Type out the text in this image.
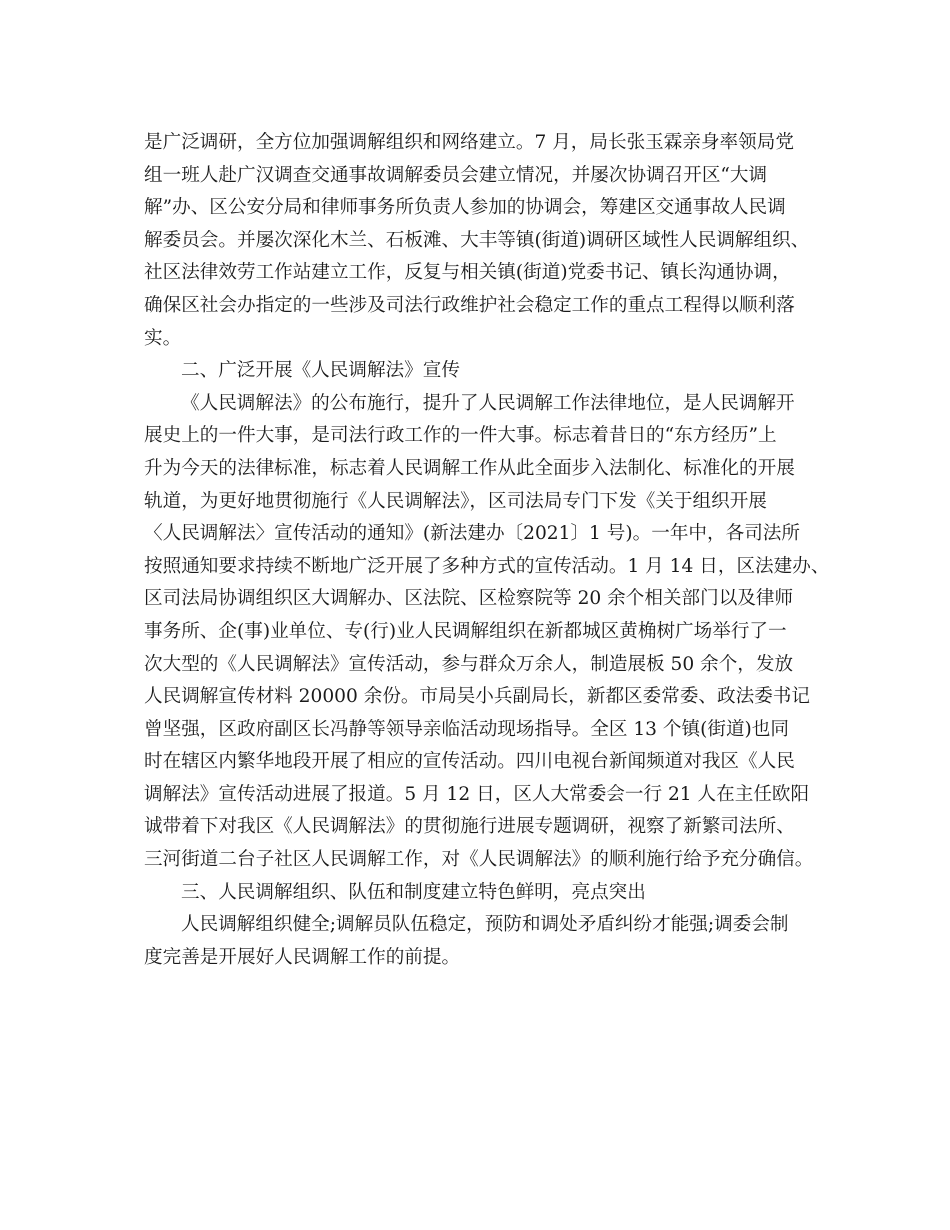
是广泛调研，全方位加强调解组织和网络建立。7 月，局长张玉霖亲身率领局党
组一班人赴广汉调查交通事故调解委员会建立情况，并屡次协调召开区“大调
解”办、区公安分局和律师事务所负责人参加的协调会，筹建区交通事故人民调
解委员会。并屡次深化木兰、石板滩、大丰等镇(街道)调研区域性人民调解组织、
社区法律效劳工作站建立工作，反复与相关镇(街道)党委书记、镇长沟通协调，
确保区社会办指定的一些涉及司法行政维护社会稳定工作的重点工程得以顺利落
实。
二、广泛开展《人民调解法》宣传
《人民调解法》的公布施行，提升了人民调解工作法律地位，是人民调解开
展史上的一件大事，是司法行政工作的一件大事。标志着昔日的“东方经历”上
升为今天的法律标准，标志着人民调解工作从此全面步入法制化、标准化的开展
轨道，为更好地贯彻施行《人民调解法》，区司法局专门下发《关于组织开展
〈人民调解法〉宣传活动的通知》(新法建办〔2021〕1 号)。一年中，各司法所
按照通知要求持续不断地广泛开展了多种方式的宣传活动。1 月 14 日，区法建办、
区司法局协调组织区大调解办、区法院、区检察院等 20 余个相关部门以及律师
事务所、企(事)业单位、专(行)业人民调解组织在新都城区黄桷树广场举行了一
次大型的《人民调解法》宣传活动，参与群众万余人，制造展板 50 余个，发放
人民调解宣传材料 20000 余份。市局吴小兵副局长，新都区委常委、政法委书记
曾坚强，区政府副区长冯静等领导亲临活动现场指导。全区 13 个镇(街道)也同
时在辖区内繁华地段开展了相应的宣传活动。四川电视台新闻频道对我区《人民
调解法》宣传活动进展了报道。5 月 12 日，区人大常委会一行 21 人在主任欧阳
诚带着下对我区《人民调解法》的贯彻施行进展专题调研，视察了新繁司法所、
三河街道二台子社区人民调解工作，对《人民调解法》的顺利施行给予充分确信。
三、人民调解组织、队伍和制度建立特色鲜明，亮点突出
人民调解组织健全;调解员队伍稳定，预防和调处矛盾纠纷才能强;调委会制
度完善是开展好人民调解工作的前提。
